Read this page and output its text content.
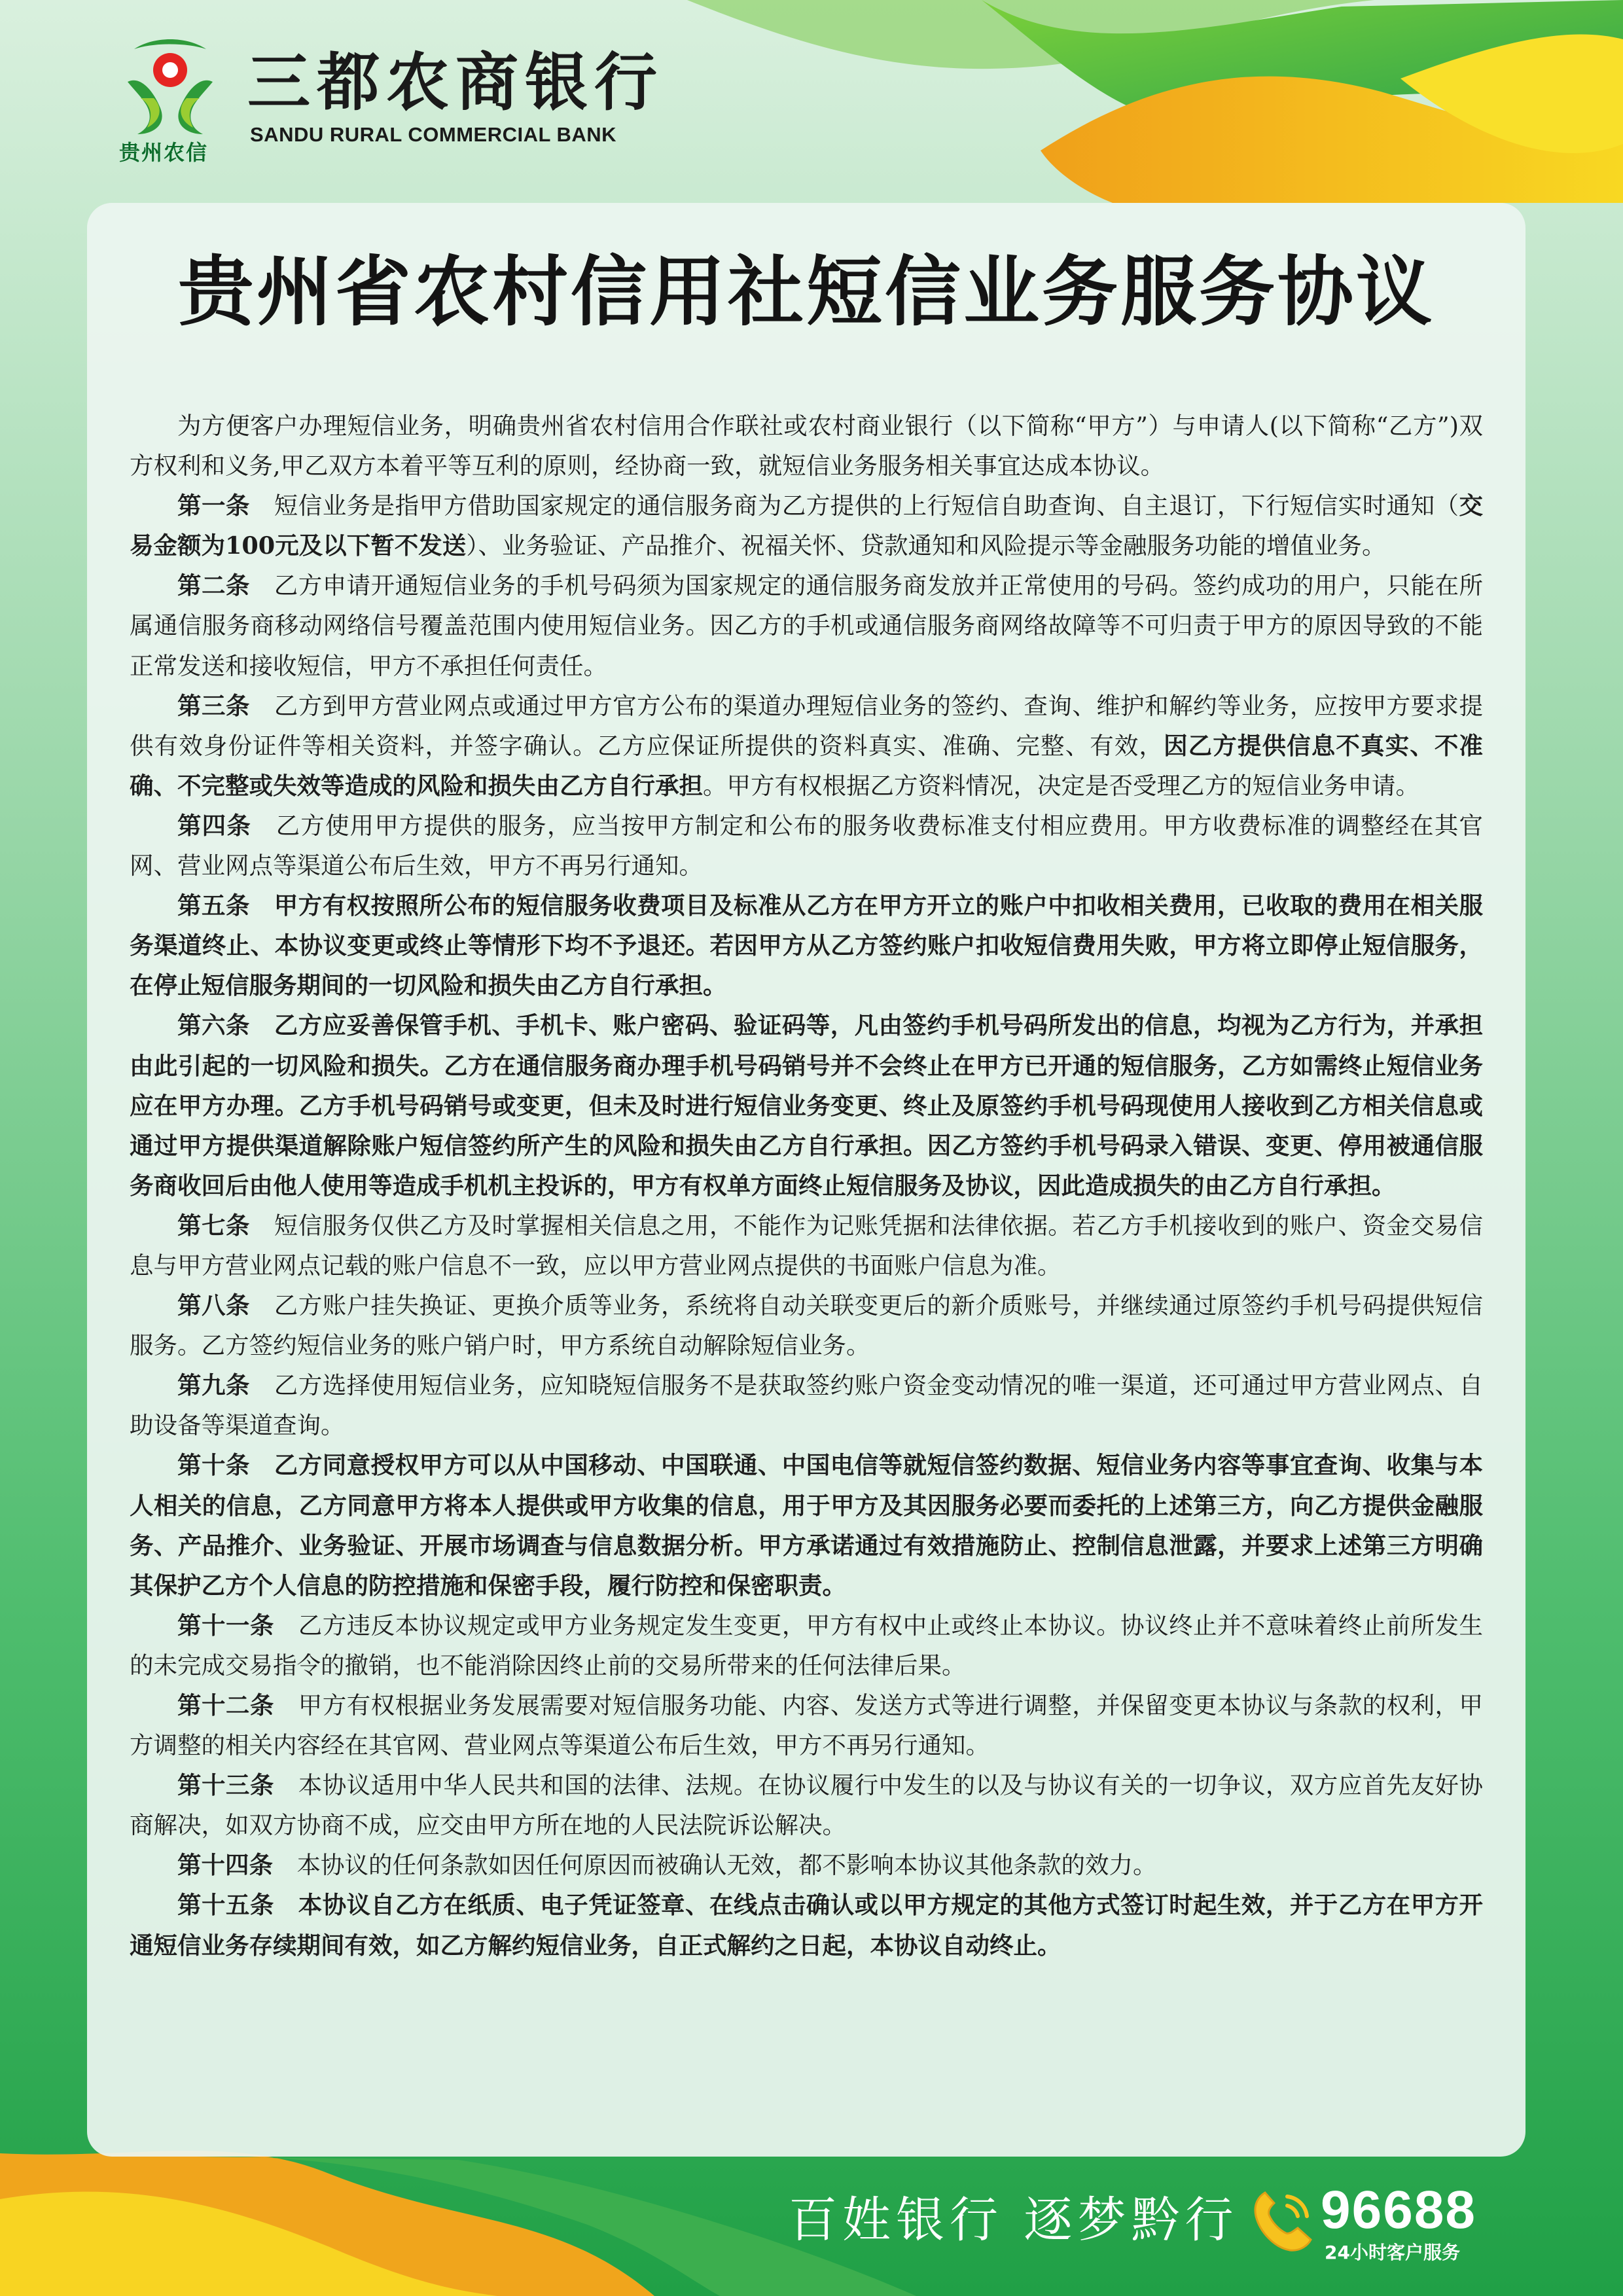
贵州农信
三都农商银行
SANDU RURAL COMMERCIAL BANK
贵州省农村信用社短信业务服务协议

为方便客户办理短信业务，明确贵州省农村信用合作联社或农村商业银行（以下简称“甲方”）与申请人(以下简称“乙方”)双方权利和义务,甲乙双方本着平等互利的原则，经协商一致，就短信业务服务相关事宜达成本协议。

第一条  短信业务是指甲方借助国家规定的通信服务商为乙方提供的上行短信自助查询、自主退订，下行短信实时通知（交易金额为100元及以下暂不发送）、业务验证、产品推介、祝福关怀、贷款通知和风险提示等金融服务功能的增值业务。

第二条  乙方申请开通短信业务的手机号码须为国家规定的通信服务商发放并正常使用的号码。签约成功的用户，只能在所属通信服务商移动网络信号覆盖范围内使用短信业务。因乙方的手机或通信服务商网络故障等不可归责于甲方的原因导致的不能正常发送和接收短信，甲方不承担任何责任。

第三条  乙方到甲方营业网点或通过甲方官方公布的渠道办理短信业务的签约、查询、维护和解约等业务，应按甲方要求提供有效身份证件等相关资料，并签字确认。乙方应保证所提供的资料真实、准确、完整、有效，因乙方提供信息不真实、不准确、不完整或失效等造成的风险和损失由乙方自行承担。甲方有权根据乙方资料情况，决定是否受理乙方的短信业务申请。

第四条  乙方使用甲方提供的服务，应当按甲方制定和公布的服务收费标准支付相应费用。甲方收费标准的调整经在其官网、营业网点等渠道公布后生效，甲方不再另行通知。

第五条  甲方有权按照所公布的短信服务收费项目及标准从乙方在甲方开立的账户中扣收相关费用，已收取的费用在相关服务渠道终止、本协议变更或终止等情形下均不予退还。若因甲方从乙方签约账户扣收短信费用失败，甲方将立即停止短信服务，在停止短信服务期间的一切风险和损失由乙方自行承担。

第六条  乙方应妥善保管手机、手机卡、账户密码、验证码等，凡由签约手机号码所发出的信息，均视为乙方行为，并承担由此引起的一切风险和损失。乙方在通信服务商办理手机号码销号并不会终止在甲方已开通的短信服务，乙方如需终止短信业务应在甲方办理。乙方手机号码销号或变更，但未及时进行短信业务变更、终止及原签约手机号码现使用人接收到乙方相关信息或通过甲方提供渠道解除账户短信签约所产生的风险和损失由乙方自行承担。因乙方签约手机号码录入错误、变更、停用被通信服务商收回后由他人使用等造成手机机主投诉的，甲方有权单方面终止短信服务及协议，因此造成损失的由乙方自行承担。

第七条  短信服务仅供乙方及时掌握相关信息之用，不能作为记账凭据和法律依据。若乙方手机接收到的账户、资金交易信息与甲方营业网点记载的账户信息不一致，应以甲方营业网点提供的书面账户信息为准。

第八条  乙方账户挂失换证、更换介质等业务，系统将自动关联变更后的新介质账号，并继续通过原签约手机号码提供短信服务。乙方签约短信业务的账户销户时，甲方系统自动解除短信业务。

第九条  乙方选择使用短信业务，应知晓短信服务不是获取签约账户资金变动情况的唯一渠道，还可通过甲方营业网点、自助设备等渠道查询。

第十条  乙方同意授权甲方可以从中国移动、中国联通、中国电信等就短信签约数据、短信业务内容等事宜查询、收集与本人相关的信息，乙方同意甲方将本人提供或甲方收集的信息，用于甲方及其因服务必要而委托的上述第三方，向乙方提供金融服务、产品推介、业务验证、开展市场调查与信息数据分析。甲方承诺通过有效措施防止、控制信息泄露，并要求上述第三方明确其保护乙方个人信息的防控措施和保密手段，履行防控和保密职责。

第十一条  乙方违反本协议规定或甲方业务规定发生变更，甲方有权中止或终止本协议。协议终止并不意味着终止前所发生的未完成交易指令的撤销，也不能消除因终止前的交易所带来的任何法律后果。

第十二条  甲方有权根据业务发展需要对短信服务功能、内容、发送方式等进行调整，并保留变更本协议与条款的权利，甲方调整的相关内容经在其官网、营业网点等渠道公布后生效，甲方不再另行通知。

第十三条  本协议适用中华人民共和国的法律、法规。在协议履行中发生的以及与协议有关的一切争议，双方应首先友好协商解决，如双方协商不成，应交由甲方所在地的人民法院诉讼解决。

第十四条  本协议的任何条款如因任何原因而被确认无效，都不影响本协议其他条款的效力。

第十五条  本协议自乙方在纸质、电子凭证签章、在线点击确认或以甲方规定的其他方式签订时起生效，并于乙方在甲方开通短信业务存续期间有效，如乙方解约短信业务，自正式解约之日起，本协议自动终止。

百姓银行 逐梦黔行 96688
24小时客户服务
